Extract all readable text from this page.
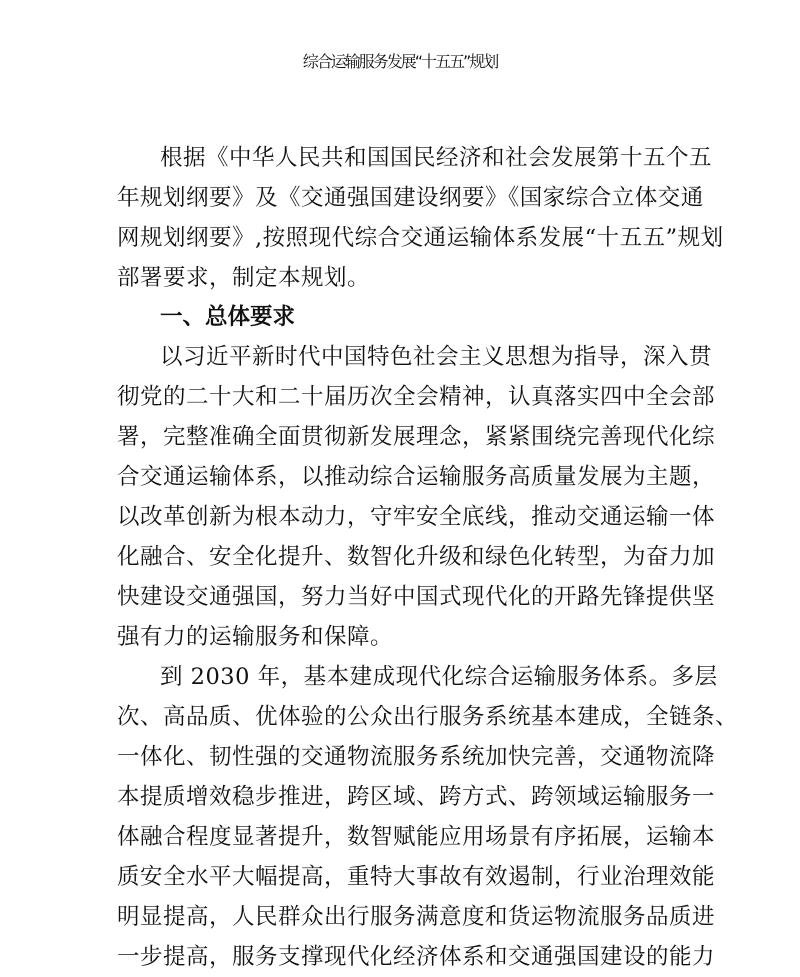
综合运输服务发展“十五五”规划
根据《中华人民共和国国民经济和社会发展第十五个五
年规划纲要》及《交通强国建设纲要》《国家综合立体交通
网规划纲要》,按照现代综合交通运输体系发展“十五五”规划
部署要求，制定本规划。
一、总体要求
以习近平新时代中国特色社会主义思想为指导，深入贯
彻党的二十大和二十届历次全会精神，认真落实四中全会部
署，完整准确全面贯彻新发展理念，紧紧围绕完善现代化综
合交通运输体系，以推动综合运输服务高质量发展为主题，
以改革创新为根本动力，守牢安全底线，推动交通运输一体
化融合、安全化提升、数智化升级和绿色化转型，为奋力加
快建设交通强国，努力当好中国式现代化的开路先锋提供坚
强有力的运输服务和保障。
到 2030 年，基本建成现代化综合运输服务体系。多层
次、高品质、优体验的公众出行服务系统基本建成，全链条、
一体化、韧性强的交通物流服务系统加快完善，交通物流降
本提质增效稳步推进，跨区域、跨方式、跨领域运输服务一
体融合程度显著提升，数智赋能应用场景有序拓展，运输本
质安全水平大幅提高，重特大事故有效遏制，行业治理效能
明显提高，人民群众出行服务满意度和货运物流服务品质进
一步提高，服务支撑现代化经济体系和交通强国建设的能力
